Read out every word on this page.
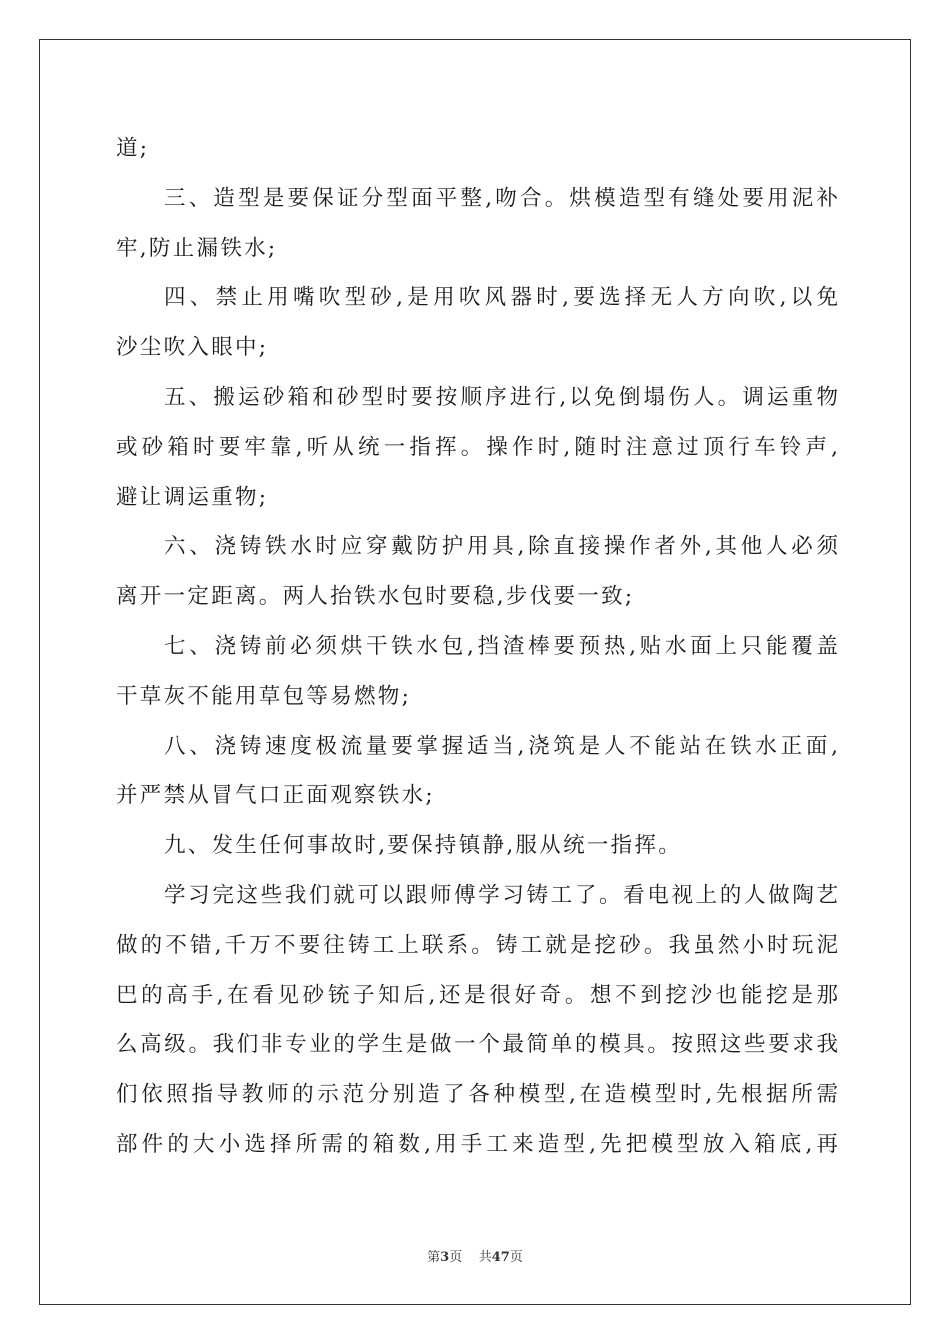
道;
三、造型是要保证分型面平整,吻合。烘模造型有缝处要用泥补
牢,防止漏铁水;
四、禁止用嘴吹型砂,是用吹风器时,要选择无人方向吹,以免
沙尘吹入眼中;
五、搬运砂箱和砂型时要按顺序进行,以免倒塌伤人。调运重物
或砂箱时要牢靠,听从统一指挥。操作时,随时注意过顶行车铃声,
避让调运重物;
六、浇铸铁水时应穿戴防护用具,除直接操作者外,其他人必须
离开一定距离。两人抬铁水包时要稳,步伐要一致;
七、浇铸前必须烘干铁水包,挡渣棒要预热,贴水面上只能覆盖
干草灰不能用草包等易燃物;
八、浇铸速度极流量要掌握适当,浇筑是人不能站在铁水正面,
并严禁从冒气口正面观察铁水;
九、发生任何事故时,要保持镇静,服从统一指挥。
学习完这些我们就可以跟师傅学习铸工了。看电视上的人做陶艺
做的不错,千万不要往铸工上联系。铸工就是挖砂。我虽然小时玩泥
巴的高手,在看见砂铳子知后,还是很好奇。想不到挖沙也能挖是那
么高级。我们非专业的学生是做一个最简单的模具。按照这些要求我
们依照指导教师的示范分别造了各种模型,在造模型时,先根据所需
部件的大小选择所需的箱数,用手工来造型,先把模型放入箱底,再
第3页 共47页
